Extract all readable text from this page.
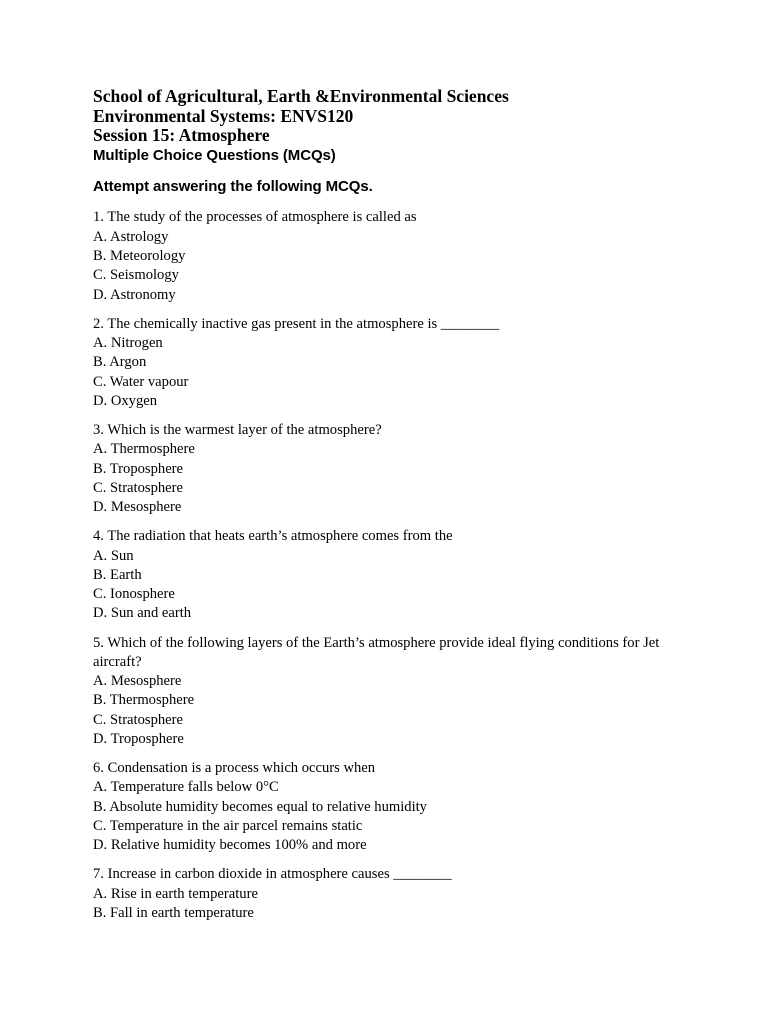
School of Agricultural, Earth &Environmental Sciences
Environmental Systems: ENVS120
Session 15: Atmosphere
Multiple Choice Questions (MCQs)
Attempt answering the following MCQs.
1. The study of the processes of atmosphere is called as
A. Astrology
B. Meteorology
C. Seismology
D. Astronomy
2. The chemically inactive gas present in the atmosphere is ________
A. Nitrogen
B. Argon
C. Water vapour
D. Oxygen
3. Which is the warmest layer of the atmosphere?
A. Thermosphere
B. Troposphere
C. Stratosphere
D. Mesosphere
4. The radiation that heats earth’s atmosphere comes from the
A. Sun
B. Earth
C. Ionosphere
D. Sun and earth
5. Which of the following layers of the Earth’s atmosphere provide ideal flying conditions for Jet aircraft?
A. Mesosphere
B. Thermosphere
C. Stratosphere
D. Troposphere
6. Condensation is a process which occurs when
A. Temperature falls below 0°C
B. Absolute humidity becomes equal to relative humidity
C. Temperature in the air parcel remains static
D. Relative humidity becomes 100% and more
7. Increase in carbon dioxide in atmosphere causes ________
A. Rise in earth temperature
B. Fall in earth temperature
